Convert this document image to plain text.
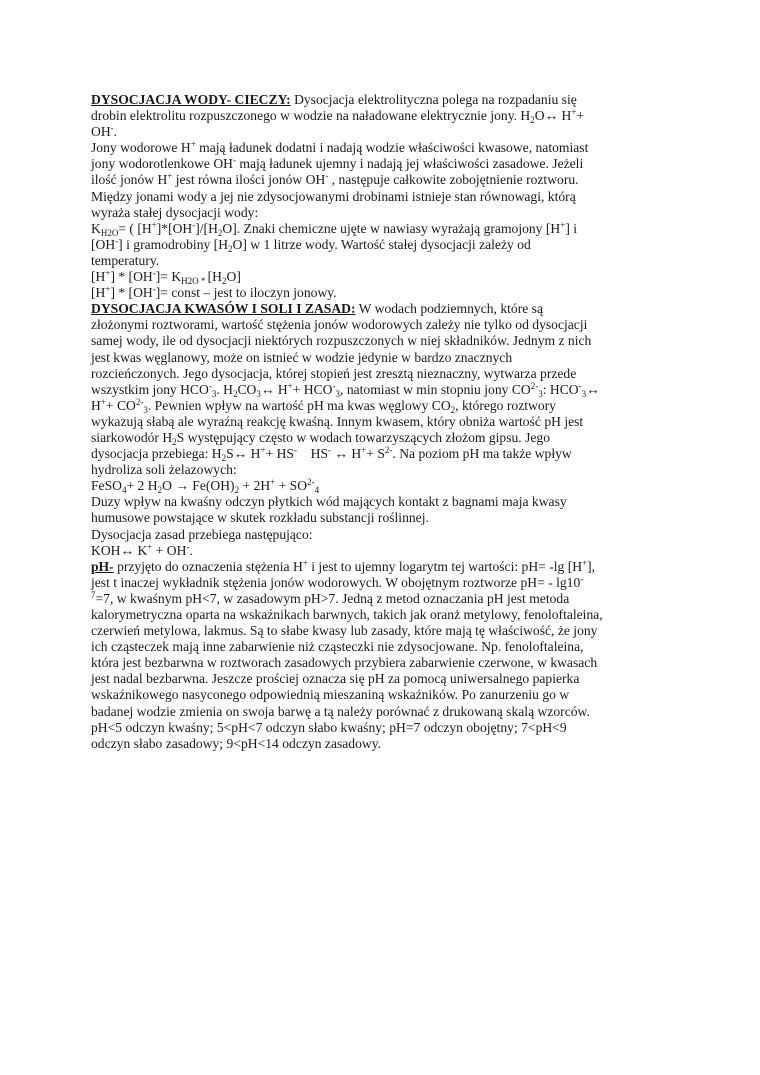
DYSOCJACJA WODY- CIECZY: Dysocjacja elektrolityczna polega na rozpadaniu się
drobin elektrolitu rozpuszczonego w wodzie na naładowane elektrycznie jony. $H_2O\leftrightarrow$ H++
OH-.
Jony wodorowe H+ mają ładunek dodatni i nadają wodzie właściwości kwasowe, natomiast
jony wodorotlenkowe OH- mają ładunek ujemny i nadają jej właściwości zasadowe. Jeżeli
ilość jonów H+ jest równa ilości jonów OH- , następuje całkowite zobojętnienie roztworu.
Między jonami wody a jej nie zdysocjowanymi drobinami istnieje stan równowagi, którą
wyraża stałej dysocjacji wody:
$K_{H2O}=$ ( $[H^+]*[OH^-]/[H_2O]$. Znaki chemiczne ujęte w nawiasy wyrażają gramojony [H+] i
[OH-] i gramodrobiny $[H_2O]$ w 1 litrze wody. Wartość stałej dysocjacji zależy od
temperatury.
$[H^+] * [OH^-]= K_{H2O *}$ $[H_2O]$
[H+] * [OH-]= const – jest to iloczyn jonowy.
DYSOCJACJA KWASÓW I SOLI I ZASAD: W wodach podziemnych, które są
złożonymi roztworami, wartość stężenia jonów wodorowych zależy nie tylko od dysocjacji
samej wody, ile od dysocjacji niektórych rozpuszczonych w niej składników. Jednym z nich
jest kwas węglanowy, może on istnieć w wodzie jedynie w bardzo znacznych
rozcieńczonych. Jego dysocjacja, której stopień jest zresztą nieznaczny, wytwarza przede
wszystkim jony $HCO^-_3$. $H_2CO_3\leftrightarrow$ $H^++ HCO^-_3$, natomiast w min stopniu jony $CO^{2-}_3$: $HCO^-_3\leftrightarrow$
$H^++ CO^{2-}_3$. Pewnien wpływ na wartość pH ma kwas węglowy $CO_2$, którego roztwory
wykazują słabą ale wyraźną reakcję kwaśną. Innym kwasem, który obniża wartość pH jest
siarkowodór $H_2S$ występujący często w wodach towarzyszących złożom gipsu. Jego
dysocjacja przebiega: $H_2S\leftrightarrow$ H++ HS-    HS- ↔ $H^++ S^{2-}$. Na poziom pH ma także wpływ
hydroliza soli żelazowych:
FeSO$_4$+ 2 $H_2O \to Fe(OH)_2 + 2H^+ + SO^{2-}_4$
Duzy wpływ na kwaśny odczyn płytkich wód mających kontakt z bagnami maja kwasy
humusowe powstające w skutek rozkładu substancji roślinnej.
Dysocjacja zasad przebiega następująco:
KOH↔ K+ + OH-.
pH- przyjęto do oznaczenia stężenia H+ i jest to ujemny logarytm tej wartości: pH= -lg [H+],
jest t inaczej wykładnik stężenia jonów wodorowych. W obojętnym roztworze pH= - lg10-
$^7$=7, w kwaśnym pH<7, w zasadowym pH>7. Jedną z metod oznaczania pH jest metoda
kalorymetryczna oparta na wskaźnikach barwnych, takich jak oranż metylowy, fenoloftaleina,
czerwień metylowa, lakmus. Są to słabe kwasy lub zasady, które mają tę właściwość, że jony
ich cząsteczek mają inne zabarwienie niż cząsteczki nie zdysocjowane. Np. fenoloftaleina,
która jest bezbarwna w roztworach zasadowych przybiera zabarwienie czerwone, w kwasach
jest nadal bezbarwna. Jeszcze prościej oznacza się pH za pomocą uniwersalnego papierka
wskaźnikowego nasyconego odpowiednią mieszaniną wskaźników. Po zanurzeniu go w
badanej wodzie zmienia on swoja barwę a tą należy porównać z drukowaną skalą wzorców.
pH<5 odczyn kwaśny; 5<pH<7 odczyn słabo kwaśny; pH=7 odczyn obojętny; 7<pH<9
odczyn słabo zasadowy; 9<pH<14 odczyn zasadowy.
